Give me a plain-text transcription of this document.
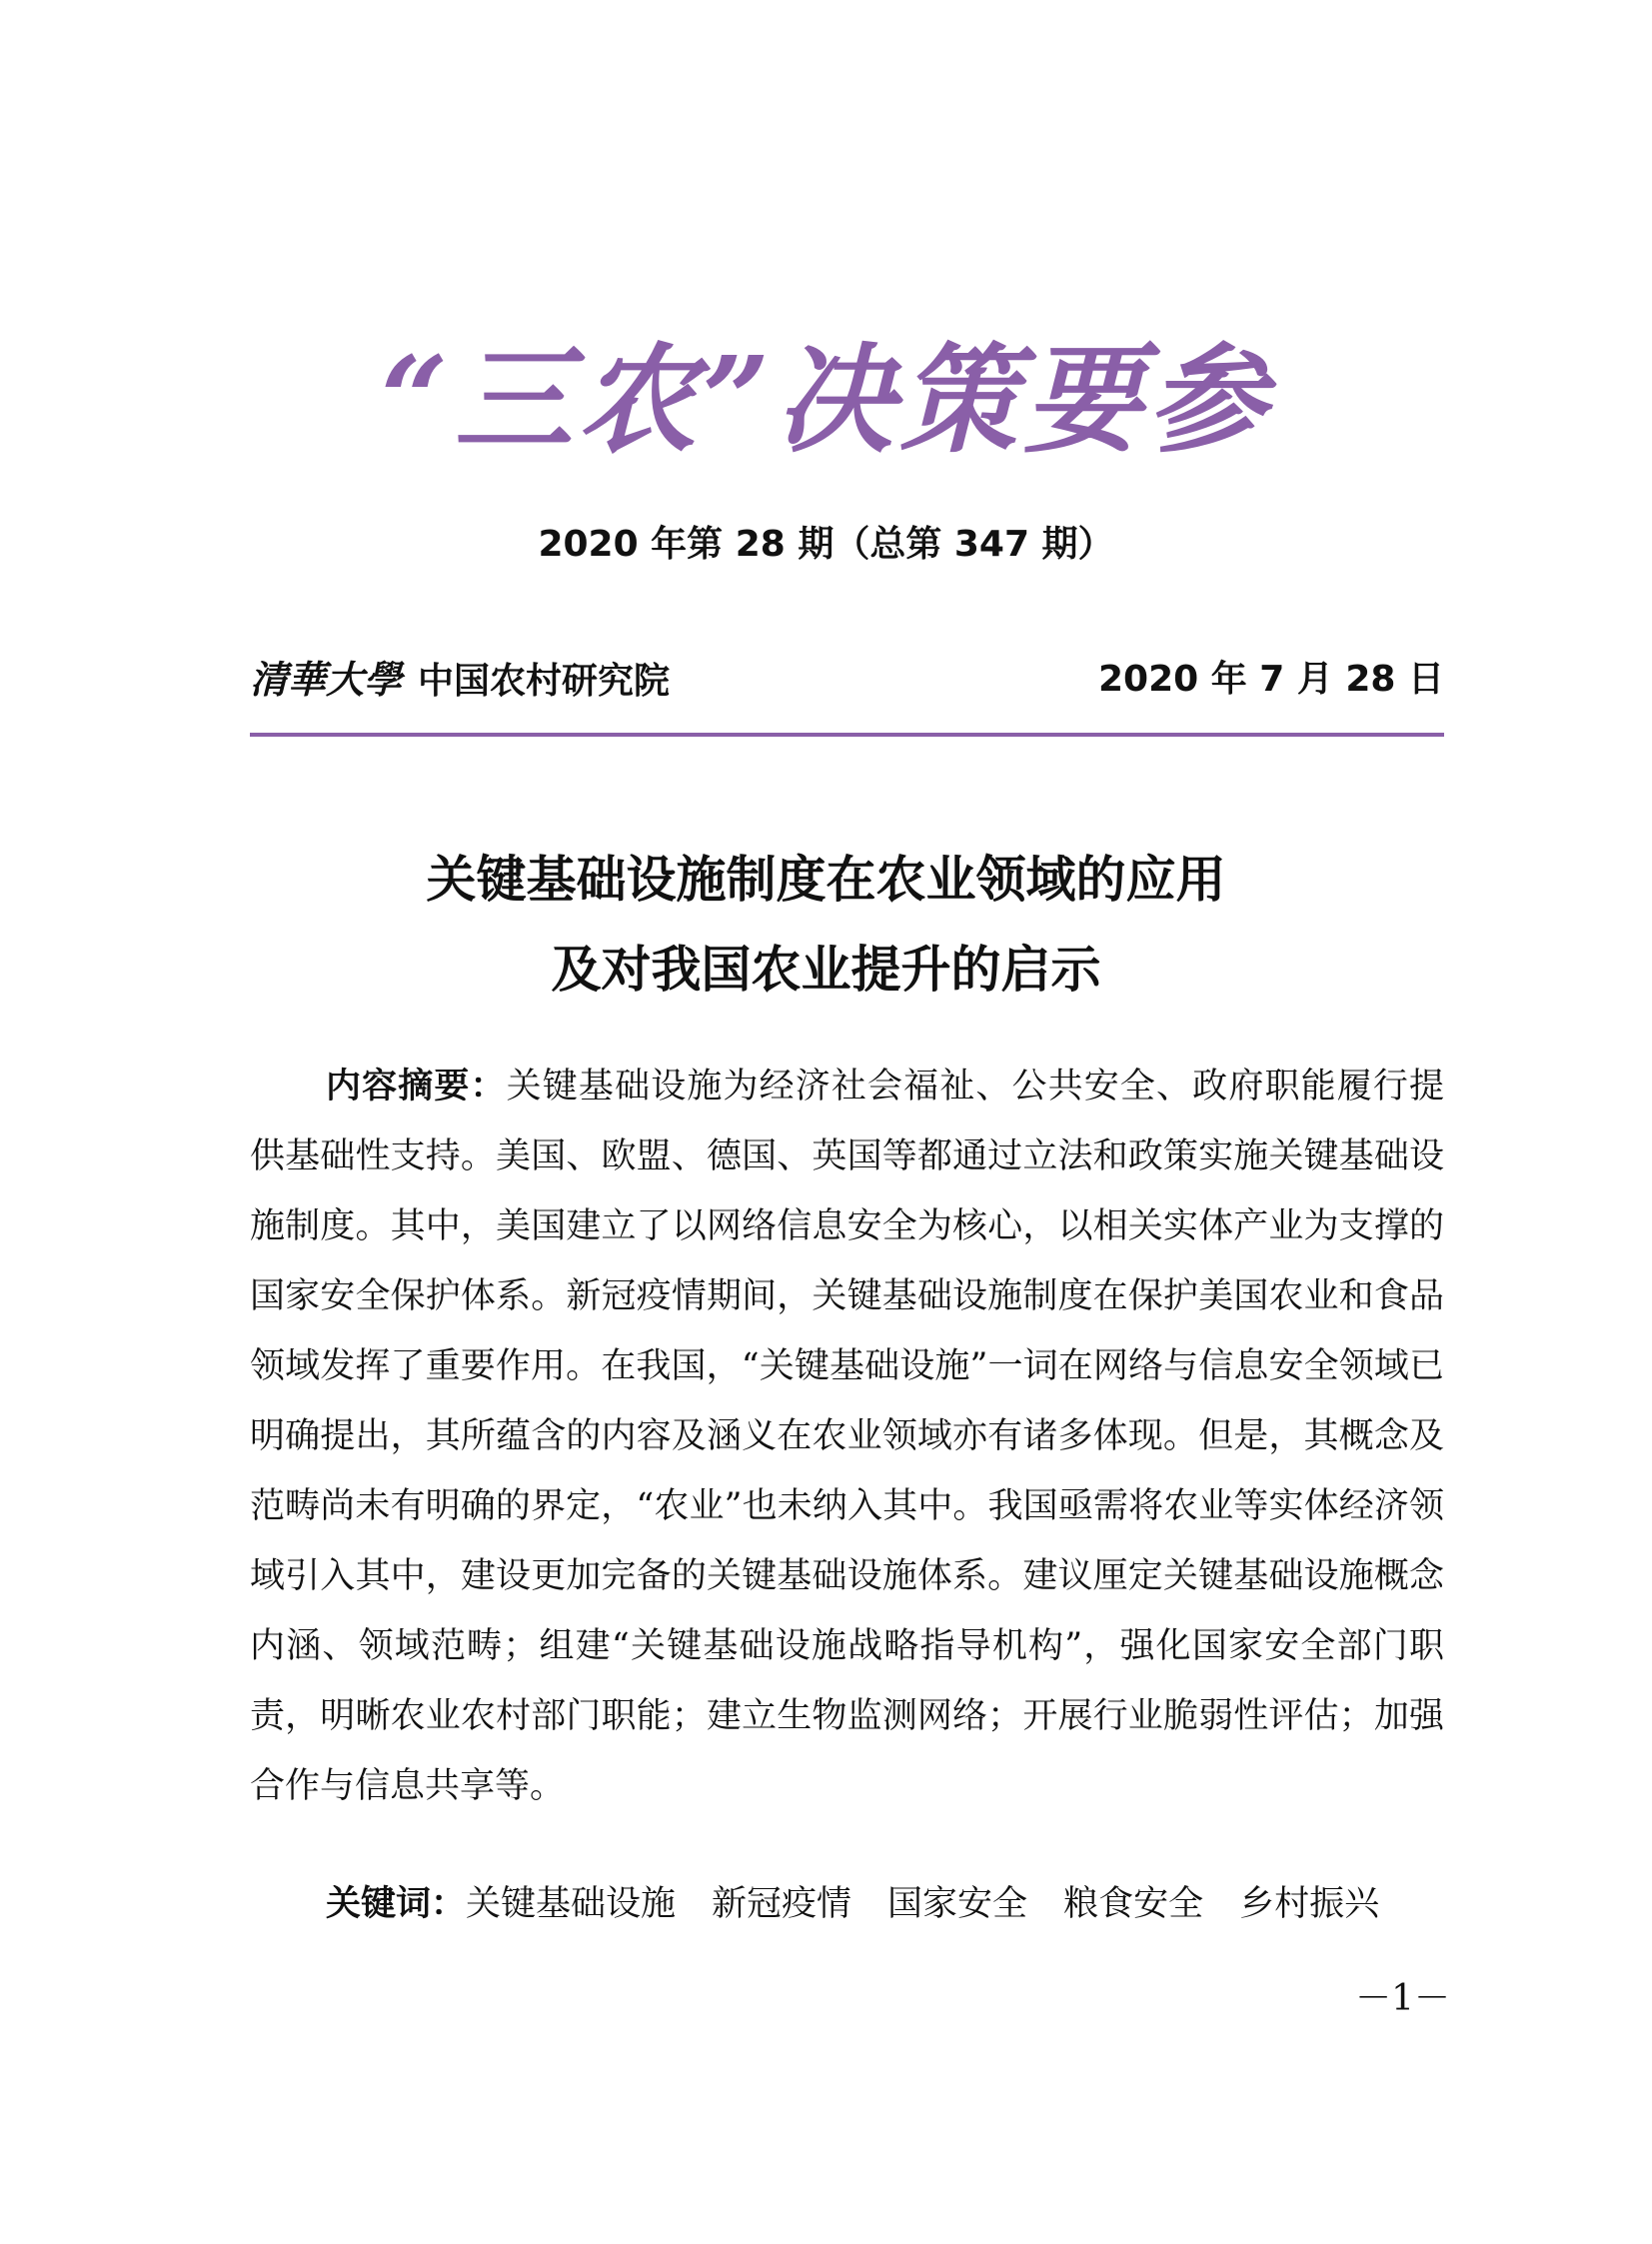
“三农”决策要参
2020 年第 28 期（总第 347 期）
清華大學 中国农村研究院	2020 年 7 月 28 日
关键基础设施制度在农业领域的应用
及对我国农业提升的启示
内容摘要：关键基础设施为经济社会福祉、公共安全、政府职能履行提供基础性支持。美国、欧盟、德国、英国等都通过立法和政策实施关键基础设施制度。其中，美国建立了以网络信息安全为核心，以相关实体产业为支撑的国家安全保护体系。新冠疫情期间，关键基础设施制度在保护美国农业和食品领域发挥了重要作用。在我国，“关键基础设施”一词在网络与信息安全领域已明确提出，其所蕴含的内容及涵义在农业领域亦有诸多体现。但是，其概念及范畴尚未有明确的界定，“农业”也未纳入其中。我国亟需将农业等实体经济领域引入其中，建设更加完备的关键基础设施体系。建议厘定关键基础设施概念内涵、领域范畴；组建“关键基础设施战略指导机构”，强化国家安全部门职责，明晰农业农村部门职能；建立生物监测网络；开展行业脆弱性评估；加强合作与信息共享等。
关键词：关键基础设施 新冠疫情 国家安全 粮食安全 乡村振兴
－1－
